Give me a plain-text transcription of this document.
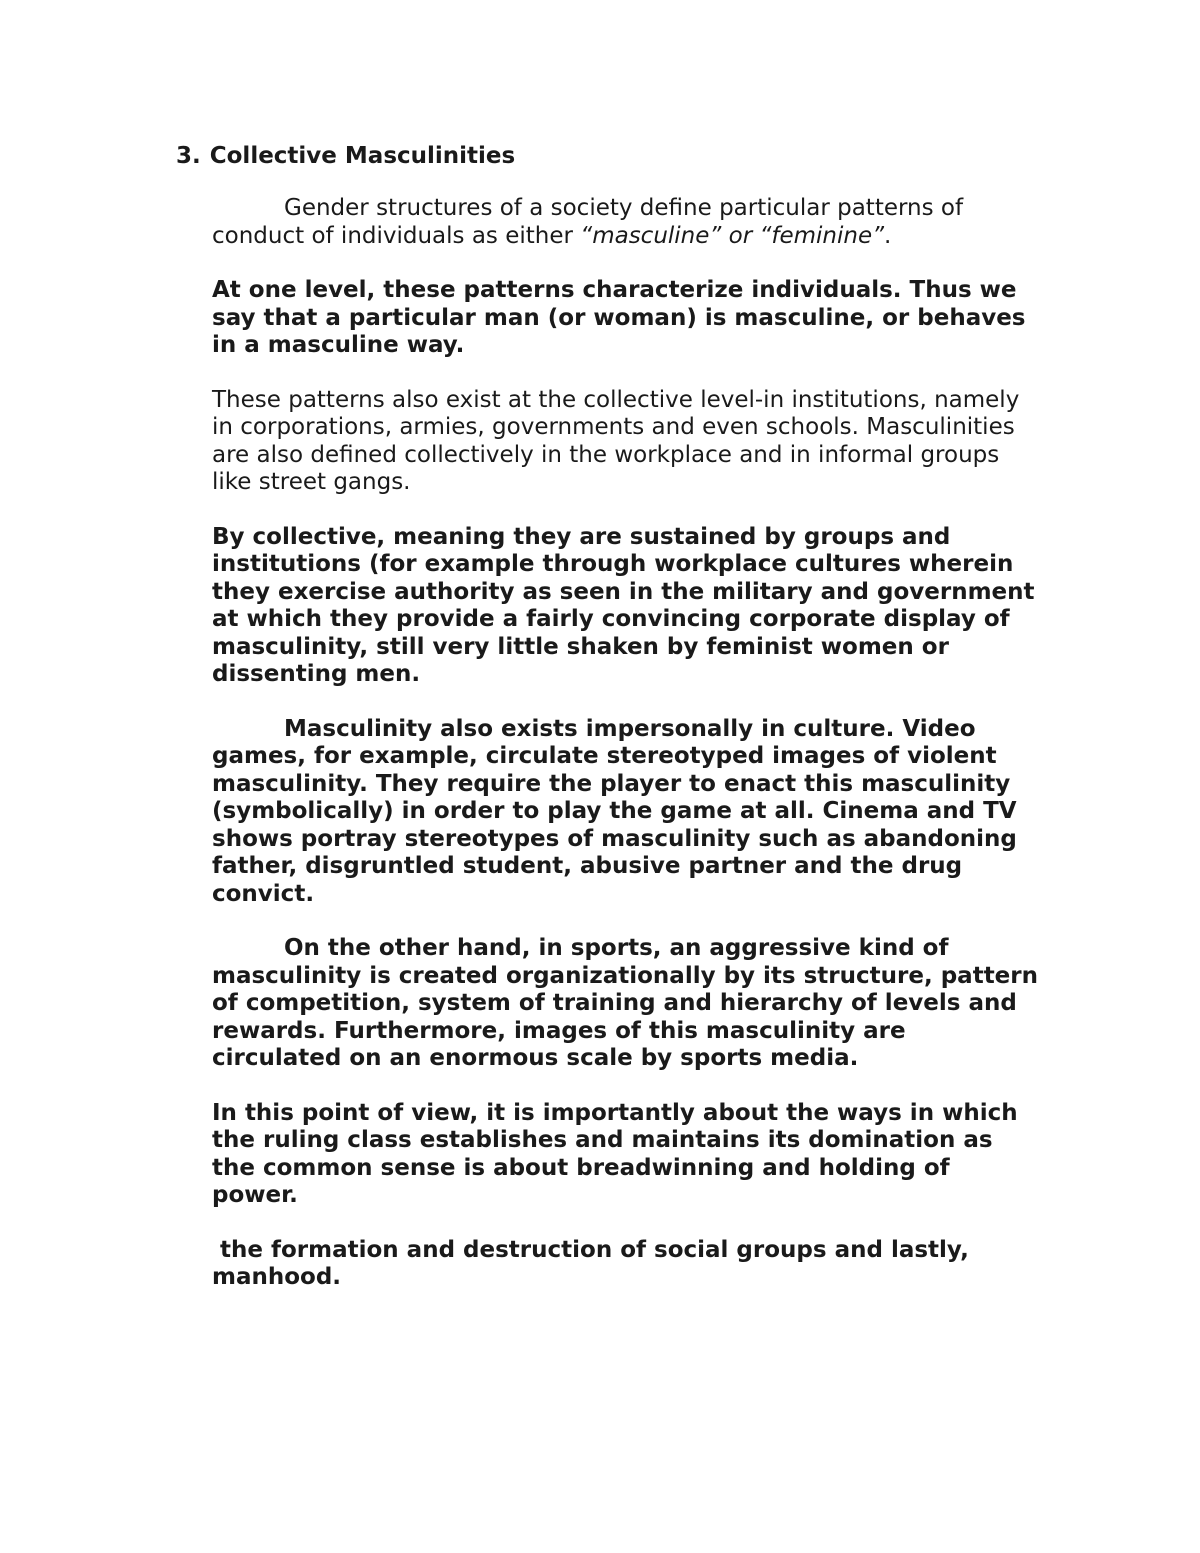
3. Collective Masculinities

Gender structures of a society define particular patterns of
conduct of individuals as either “masculine” or “feminine”.

At one level, these patterns characterize individuals. Thus we
say that a particular man (or woman) is masculine, or behaves
in a masculine way.

These patterns also exist at the collective level-in institutions, namely
in corporations, armies, governments and even schools. Masculinities
are also defined collectively in the workplace and in informal groups
like street gangs.

By collective, meaning they are sustained by groups and
institutions (for example through workplace cultures wherein
they exercise authority as seen in the military and government
at which they provide a fairly convincing corporate display of
masculinity, still very little shaken by feminist women or
dissenting men.

Masculinity also exists impersonally in culture. Video
games, for example, circulate stereotyped images of violent
masculinity. They require the player to enact this masculinity
(symbolically) in order to play the game at all. Cinema and TV
shows portray stereotypes of masculinity such as abandoning
father, disgruntled student, abusive partner and the drug
convict.

On the other hand, in sports, an aggressive kind of
masculinity is created organizationally by its structure, pattern
of competition, system of training and hierarchy of levels and
rewards. Furthermore, images of this masculinity are
circulated on an enormous scale by sports media.

In this point of view, it is importantly about the ways in which
the ruling class establishes and maintains its domination as
the common sense is about breadwinning and holding of
power.

the formation and destruction of social groups and lastly,
manhood.
